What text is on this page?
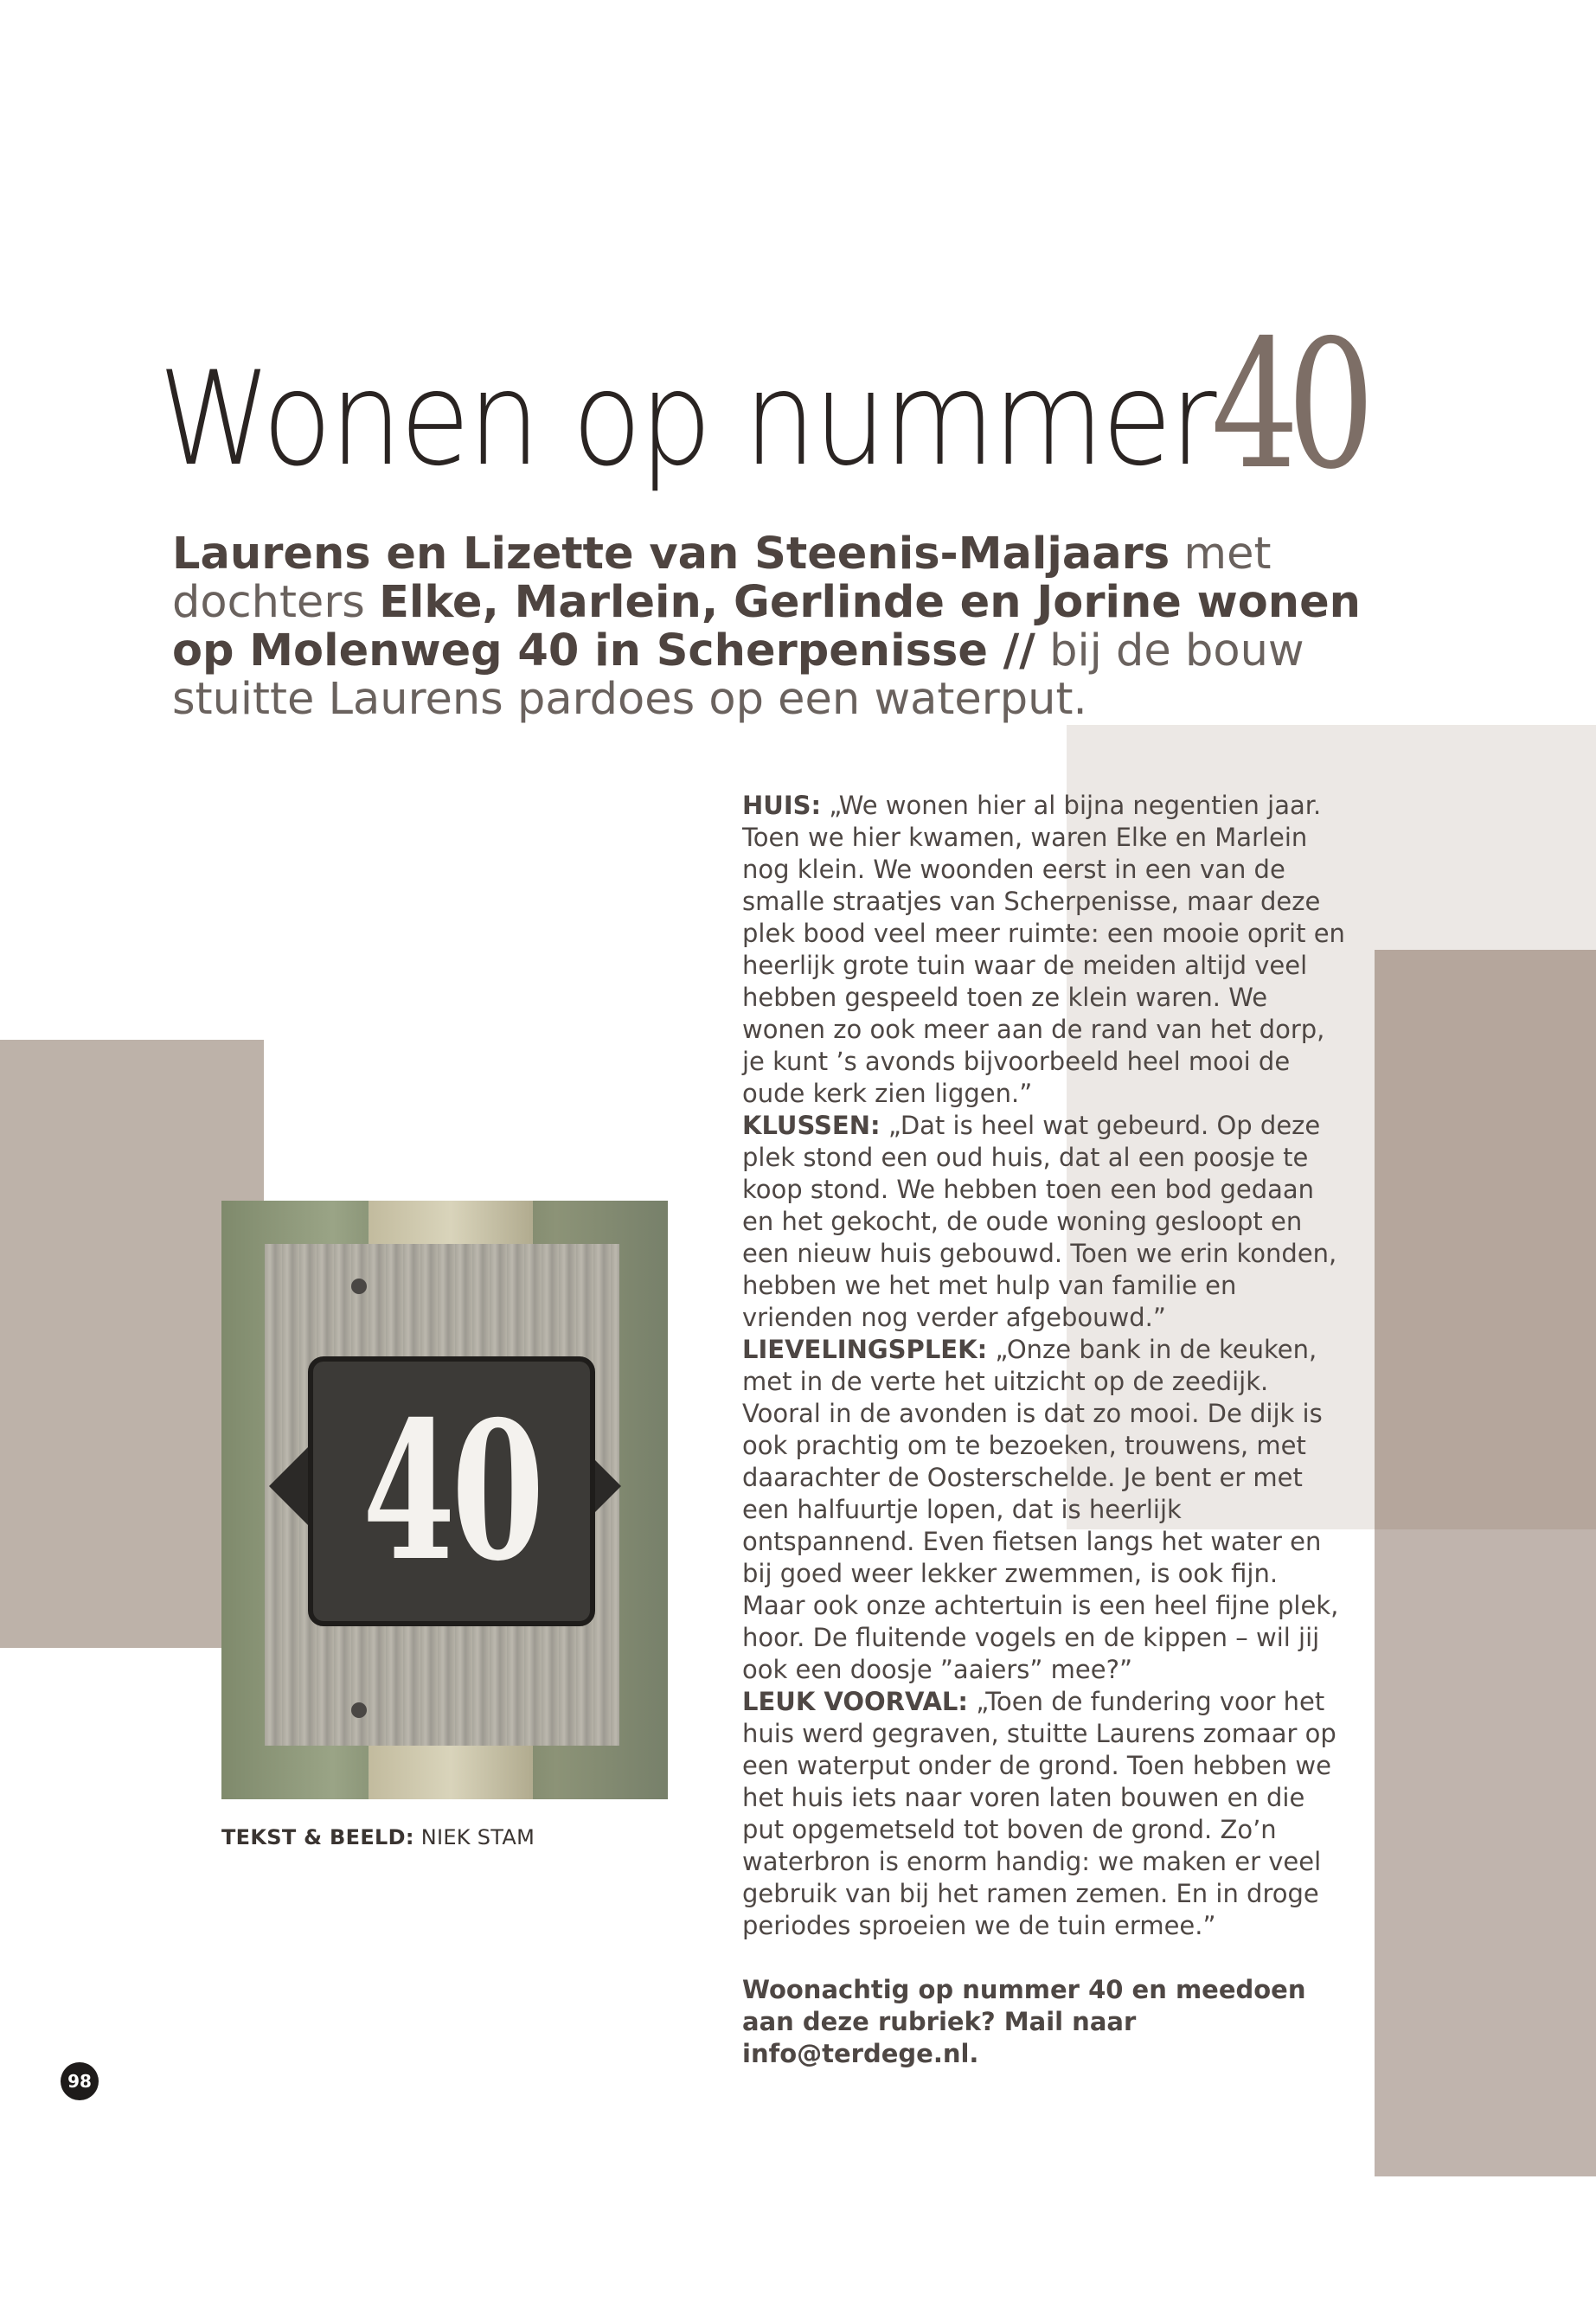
Wonen op nummer
40
Laurens en Lizette van Steenis-Maljaars met dochters Elke, Marlein, Gerlinde en Jorine wonen op Molenweg 40 in Scherpenisse // bij de bouw stuitte Laurens pardoes op een waterput.
40
TEKST & BEELD: NIEK STAM

HUIS: „We wonen hier al bijna negentien jaar. Toen we hier kwamen, waren Elke en Marlein nog klein. We woonden eerst in een van de smalle straatjes van Scherpenisse, maar deze plek bood veel meer ruimte: een mooie oprit en heerlijk grote tuin waar de meiden altijd veel hebben gespeeld toen ze klein waren. We wonen zo ook meer aan de rand van het dorp, je kunt ’s avonds bijvoorbeeld heel mooi de oude kerk zien liggen.”

KLUSSEN: „Dat is heel wat gebeurd. Op deze plek stond een oud huis, dat al een poosje te koop stond. We hebben toen een bod gedaan en het gekocht, de oude woning gesloopt en een nieuw huis gebouwd. Toen we erin konden, hebben we het met hulp van familie en vrienden nog verder afgebouwd.”

LIEVELINGSPLEK: „Onze bank in de keuken, met in de verte het uitzicht op de zeedijk. Vooral in de avonden is dat zo mooi. De dijk is ook prachtig om te bezoeken, trouwens, met daarachter de Oosterschelde. Je bent er met een halfuurtje lopen, dat is heerlijk ontspannend. Even fietsen langs het water en bij goed weer lekker zwemmen, is ook fijn. Maar ook onze achtertuin is een heel fijne plek, hoor. De fluitende vogels en de kippen – wil jij ook een doosje ”aaiers” mee?”

LEUK VOORVAL: „Toen de fundering voor het huis werd gegraven, stuitte Laurens zomaar op een waterput onder de grond. Toen hebben we het huis iets naar voren laten bouwen en die put opgemetseld tot boven de grond. Zo’n waterbron is enorm handig: we maken er veel gebruik van bij het ramen zemen. En in droge periodes sproeien we de tuin ermee.”

Woonachtig op nummer 40 en meedoen aan deze rubriek? Mail naar info@terdege.nl.

98
